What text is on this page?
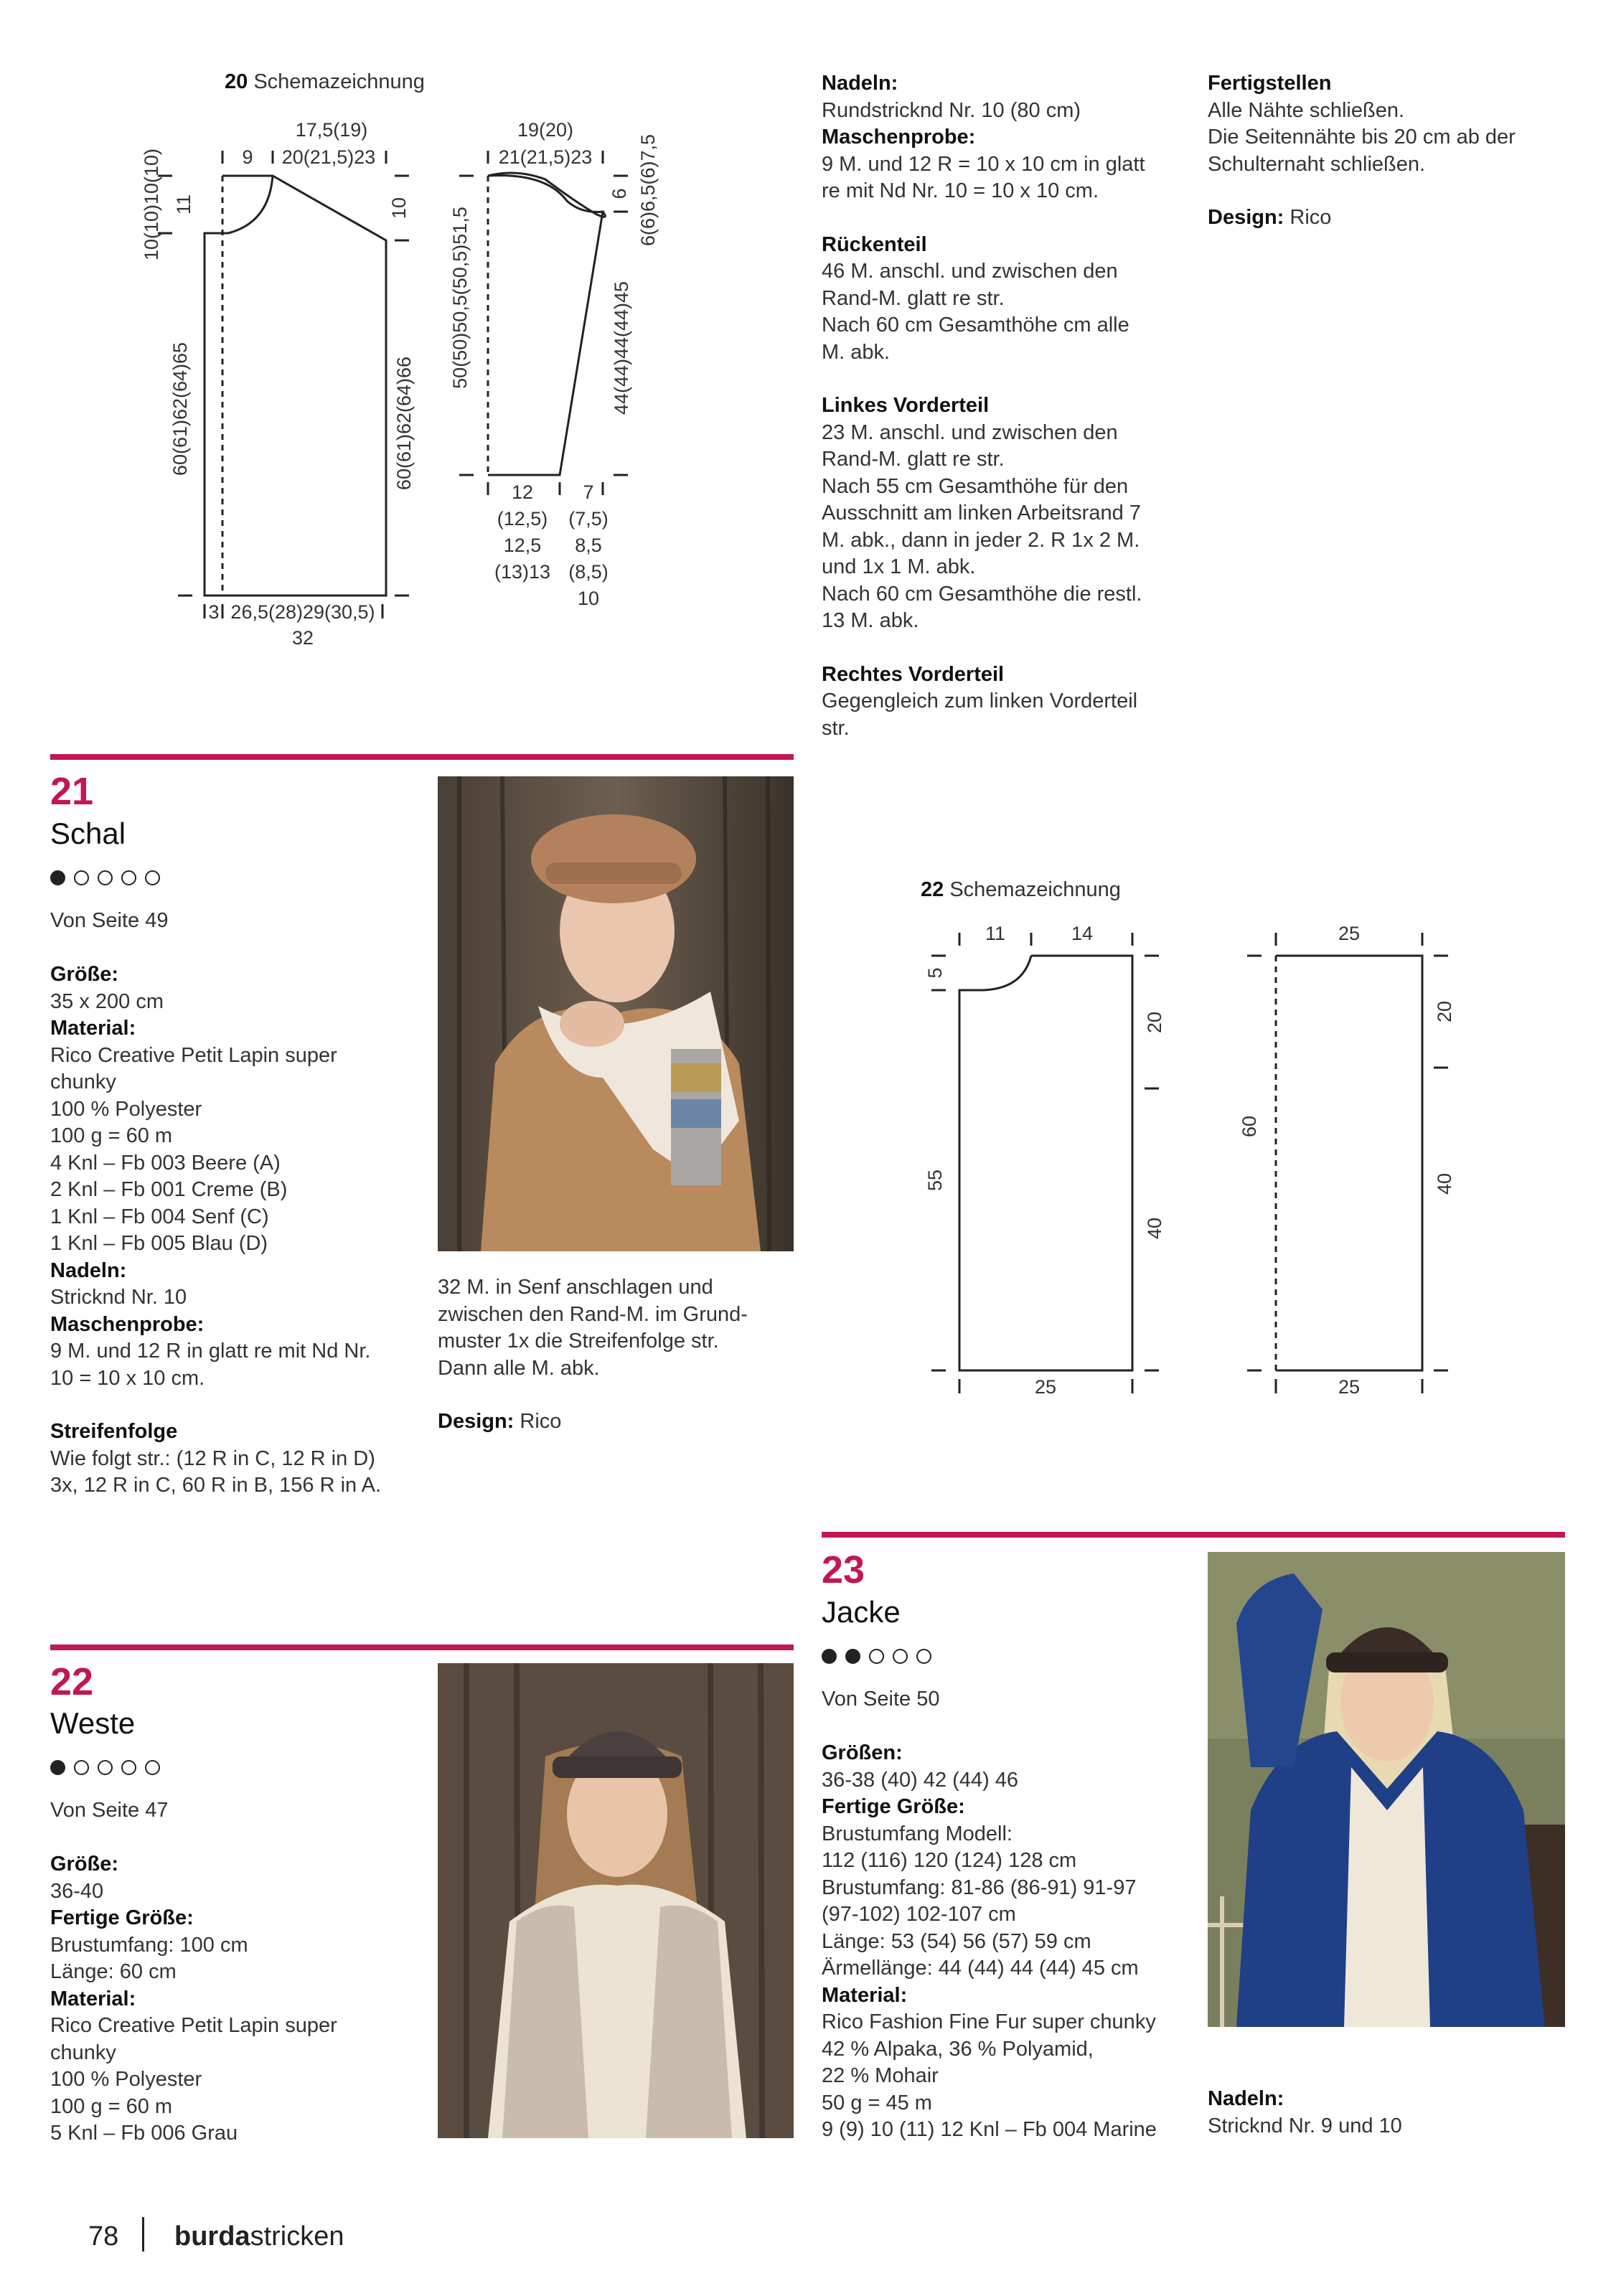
20 Schemazeichnung
9
17,5(19)
20(21,5)23
10
10(10)10(10) 11
60(61)62(64)65	60(61)62(64)66
3 26,5(28)29(30,5)
32
19(20)
21(21,5)23
6 6(6)6,5(6)7,5
50(50)50,5(50,5)51,5	44(44)44(44)45
12
(12,5)
12,5
(13)13
7
(7,5)
8,5
(8,5)
10
Nadeln:
Rundstricknd Nr. 10 (80 cm)
Maschenprobe:
9 M. und 12 R = 10 x 10 cm in glatt
re mit Nd Nr. 10 = 10 x 10 cm.
Rückenteil
46 M. anschl. und zwischen den
Rand-M. glatt re str.
Nach 60 cm Gesamthöhe cm alle
M. abk.
Linkes Vorderteil
23 M. anschl. und zwischen den
Rand-M. glatt re str.
Nach 55 cm Gesamthöhe für den
Ausschnitt am linken Arbeitsrand 7
M. abk., dann in jeder 2. R 1x 2 M.
und 1x 1 M. abk.
Nach 60 cm Gesamthöhe die restl.
13 M. abk.
Rechtes Vorderteil
Gegengleich zum linken Vorderteil
str.
Fertigstellen
Alle Nähte schließen.
Die Seitennähte bis 20 cm ab der
Schulternaht schließen.
Design: Rico
21
Schal
Von Seite 49
Größe:
35 x 200 cm
Material:
Rico Creative Petit Lapin super
chunky
100 % Polyester
100 g = 60 m
4 Knl – Fb 003 Beere (A)
2 Knl – Fb 001 Creme (B)
1 Knl – Fb 004 Senf (C)
1 Knl – Fb 005 Blau (D)
Nadeln:
Stricknd Nr. 10
Maschenprobe:
9 M. und 12 R in glatt re mit Nd Nr.
10 = 10 x 10 cm.
Streifenfolge
Wie folgt str.: (12 R in C, 12 R in D)
3x, 12 R in C, 60 R in B, 156 R in A.
32 M. in Senf anschlagen und
zwischen den Rand-M. im Grund-
muster 1x die Streifenfolge str.
Dann alle M. abk.
Design: Rico
22 Schemazeichnung
11	14
5
55
20
40
25
25
60
20
40
25
22
Weste
Von Seite 47
Größe:
36-40
Fertige Größe:
Brustumfang: 100 cm
Länge: 60 cm
Material:
Rico Creative Petit Lapin super
chunky
100 % Polyester
100 g = 60 m
5 Knl – Fb 006 Grau
23
Jacke
Von Seite 50
Größen:
36-38 (40) 42 (44) 46
Fertige Größe:
Brustumfang Modell:
112 (116) 120 (124) 128 cm
Brustumfang: 81-86 (86-91) 91-97
(97-102) 102-107 cm
Länge: 53 (54) 56 (57) 59 cm
Ärmellänge: 44 (44) 44 (44) 45 cm
Material:
Rico Fashion Fine Fur super chunky
42 % Alpaka, 36 % Polyamid,
22 % Mohair
50 g = 45 m
9 (9) 10 (11) 12 Knl – Fb 004 Marine
Nadeln:
Stricknd Nr. 9 und 10
78 burdastricken
